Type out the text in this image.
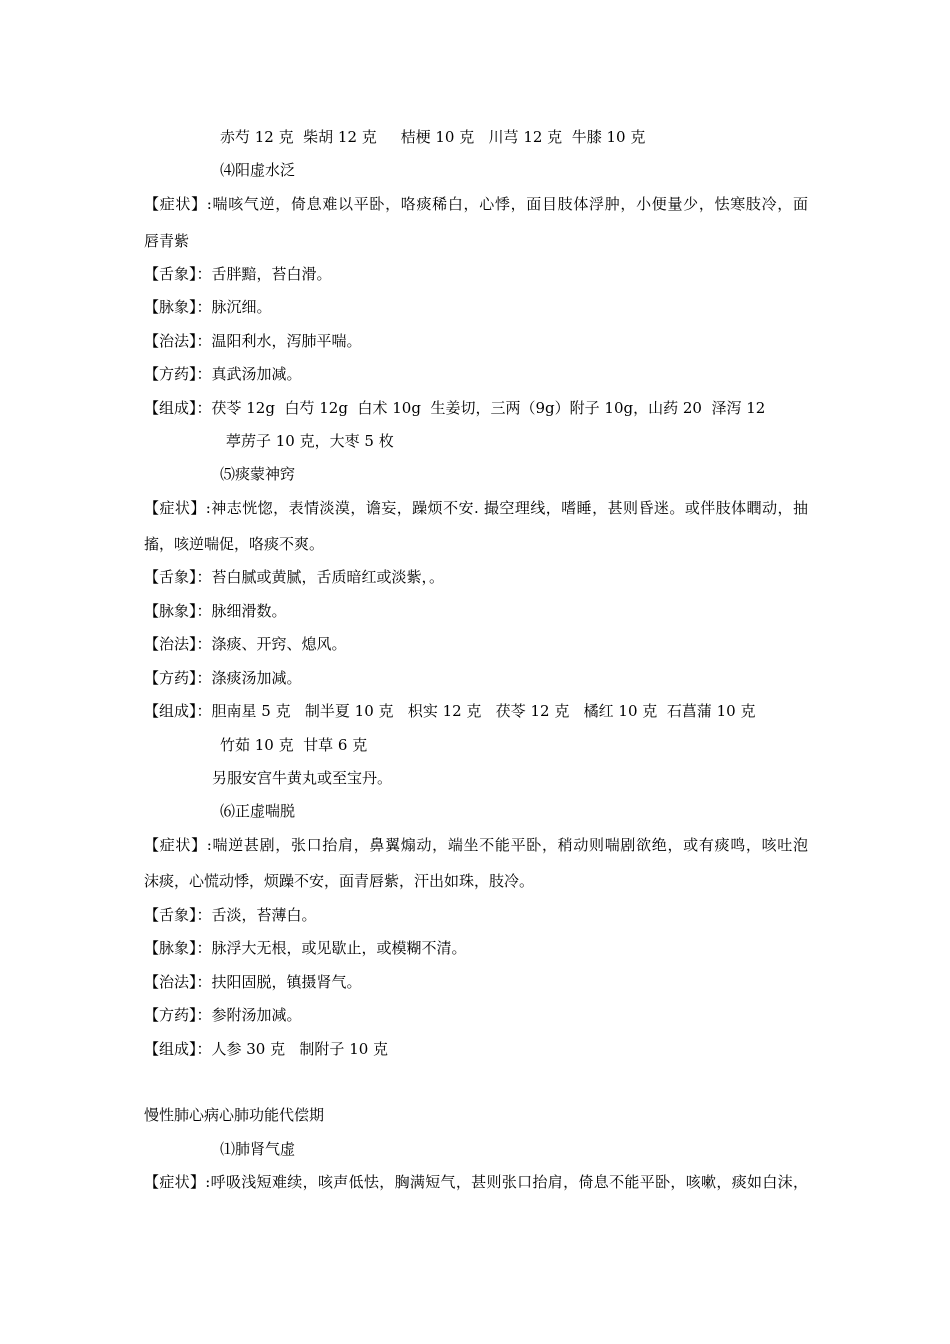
赤芍 12 克  柴胡 12 克     桔梗 10 克   川芎 12 克  牛膝 10 克
⑷阳虚水泛
【症状】:喘咳气逆，倚息难以平卧，咯痰稀白，心悸，面目肢体浮肿，小便量少，怯寒肢冷，面
唇青紫
【舌象】：舌胖黯，苔白滑。
【脉象】：脉沉细。
【治法】：温阳利水，泻肺平喘。
【方药】：真武汤加减。
【组成】：茯苓 12g  白芍 12g  白术 10g  生姜切，三两（9g）附子 10g，山药 20  泽泻 12
葶苈子 10 克，大枣 5 枚
⑸痰蒙神窍
【症状】:神志恍惚，表情淡漠，谵妄，躁烦不安. 撮空理线，嗜睡，甚则昏迷。或伴肢体瞤动，抽
搐，咳逆喘促，咯痰不爽。
【舌象】：苔白腻或黄腻，舌质暗红或淡紫，。
【脉象】：脉细滑数。
【治法】：涤痰、开窍、熄风。
【方药】：涤痰汤加减。
【组成】：胆南星 5 克   制半夏 10 克   枳实 12 克   茯苓 12 克   橘红 10 克  石菖蒲 10 克
竹茹 10 克  甘草 6 克
另服安宫牛黄丸或至宝丹。
⑹正虚喘脱
【症状】:喘逆甚剧，张口抬肩，鼻翼煽动，端坐不能平卧，稍动则喘剧欲绝，或有痰鸣，咳吐泡
沫痰，心慌动悸，烦躁不安，面青唇紫，汗出如珠，肢冷。
【舌象】：舌淡，苔薄白。
【脉象】：脉浮大无根，或见歇止，或模糊不清。
【治法】：扶阳固脱，镇摄肾气。
【方药】：参附汤加减。
【组成】：人参 30 克   制附子 10 克
慢性肺心病心肺功能代偿期
⑴肺肾气虚
【症状】:呼吸浅短难续，咳声低怯，胸满短气，甚则张口抬肩，倚息不能平卧，咳嗽，痰如白沫，
